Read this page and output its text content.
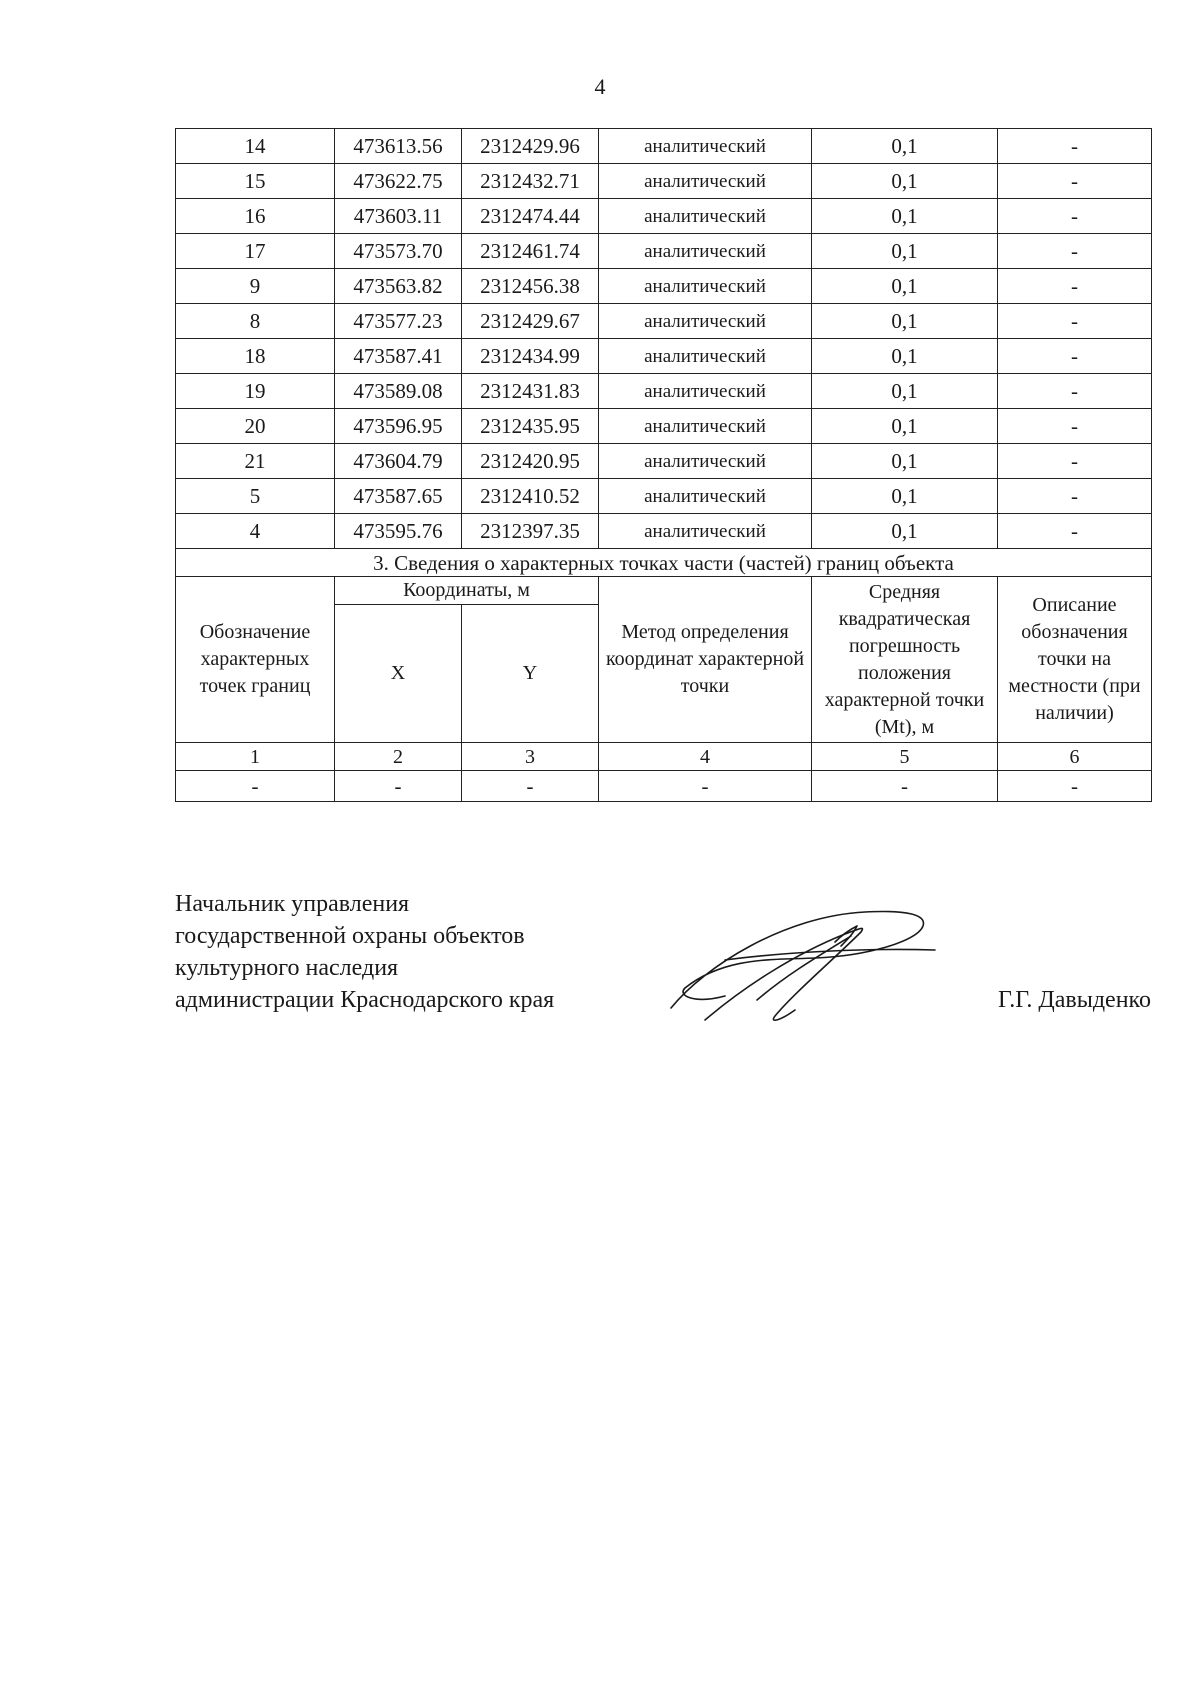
4
14	473613.56	2312429.96	аналитический	0,1	-
15	473622.75	2312432.71	аналитический	0,1	-
16	473603.11	2312474.44	аналитический	0,1	-
17	473573.70	2312461.74	аналитический	0,1	-
9	473563.82	2312456.38	аналитический	0,1	-
8	473577.23	2312429.67	аналитический	0,1	-
18	473587.41	2312434.99	аналитический	0,1	-
19	473589.08	2312431.83	аналитический	0,1	-
20	473596.95	2312435.95	аналитический	0,1	-
21	473604.79	2312420.95	аналитический	0,1	-
5	473587.65	2312410.52	аналитический	0,1	-
4	473595.76	2312397.35	аналитический	0,1	-
3. Сведения о характерных точках части (частей) границ объекта					
Обозначение характерных точек границ	Координаты, м		Метод определения координат характерной точки	Средняя квадратическая погрешность положения характерной точки (Mt), м	Описание обозначения точки на местности (при наличии)
	X	Y			
1	2	3	4	5	6
-	-	-	-	-	-
Начальник управления
государственной охраны объектов
культурного наследия
администрации Краснодарского края	Г.Г. Давыденко
